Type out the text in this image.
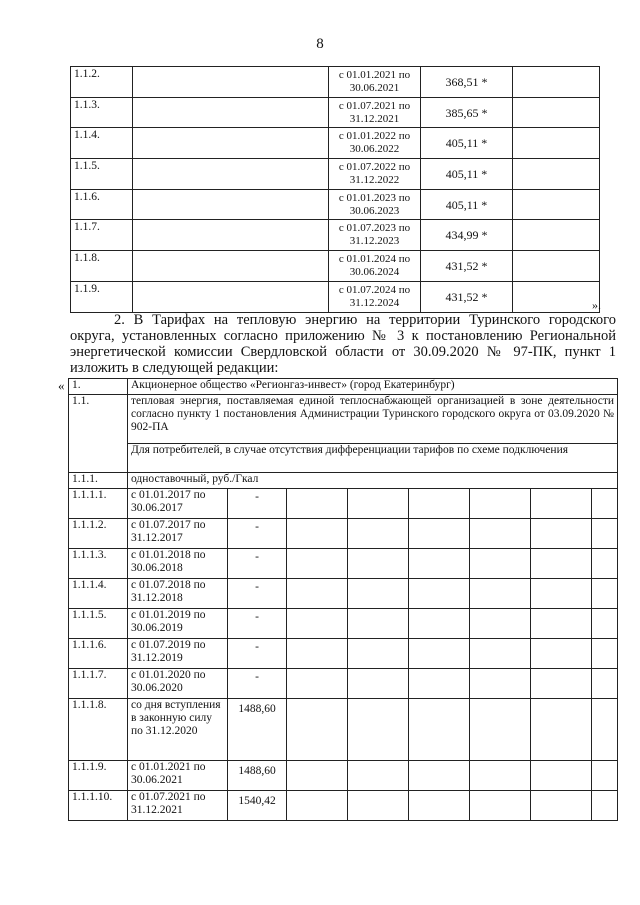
8
1.1.2.		с 01.01.2021 по 30.06.2021	368,51 *	
1.1.3.		с 01.07.2021 по 31.12.2021	385,65 *	
1.1.4.		с 01.01.2022 по 30.06.2022	405,11 *	
1.1.5.		с 01.07.2022 по 31.12.2022	405,11 *	
1.1.6.		с 01.01.2023 по 30.06.2023	405,11 *	
1.1.7.		с 01.07.2023 по 31.12.2023	434,99 *	
1.1.8.		с 01.01.2024 по 30.06.2024	431,52 *	
1.1.9.		с 01.07.2024 по 31.12.2024	431,52 *	
».
2. В Тарифах на тепловую энергию на территории Туринского городского округа, установленных согласно приложению № 3 к постановлению Региональной энергетической комиссии Свердловской области от 30.09.2020 № 97-ПК, пункт 1 изложить в следующей редакции:
« 1.	Акционерное общество «Регионгаз-инвест» (город Екатеринбург)							
1.1.	тепловая энергия, поставляемая единой теплоснабжающей организацией в зоне деятельности согласно пункту 1 постановления Администрации Туринского городского округа от 03.09.2020 № 902-ПА							
	Для потребителей, в случае отсутствия дифференциации тарифов по схеме подключения							
1.1.1.	одноставочный, руб./Гкал							
1.1.1.1.	с 01.01.2017 по 30.06.2017	-						
1.1.1.2.	с 01.07.2017 по 31.12.2017	-						
1.1.1.3.	с 01.01.2018 по 30.06.2018	-						
1.1.1.4.	с 01.07.2018 по 31.12.2018	-						
1.1.1.5.	с 01.01.2019 по 30.06.2019	-						
1.1.1.6.	с 01.07.2019 по 31.12.2019	-						
1.1.1.7.	с 01.01.2020 по 30.06.2020	-						
1.1.1.8.	со дня вступления в законную силу по 31.12.2020	1488,60						
1.1.1.9.	с 01.01.2021 по 30.06.2021	1488,60						
1.1.1.10.	с 01.07.2021 по 31.12.2021	1540,42						
